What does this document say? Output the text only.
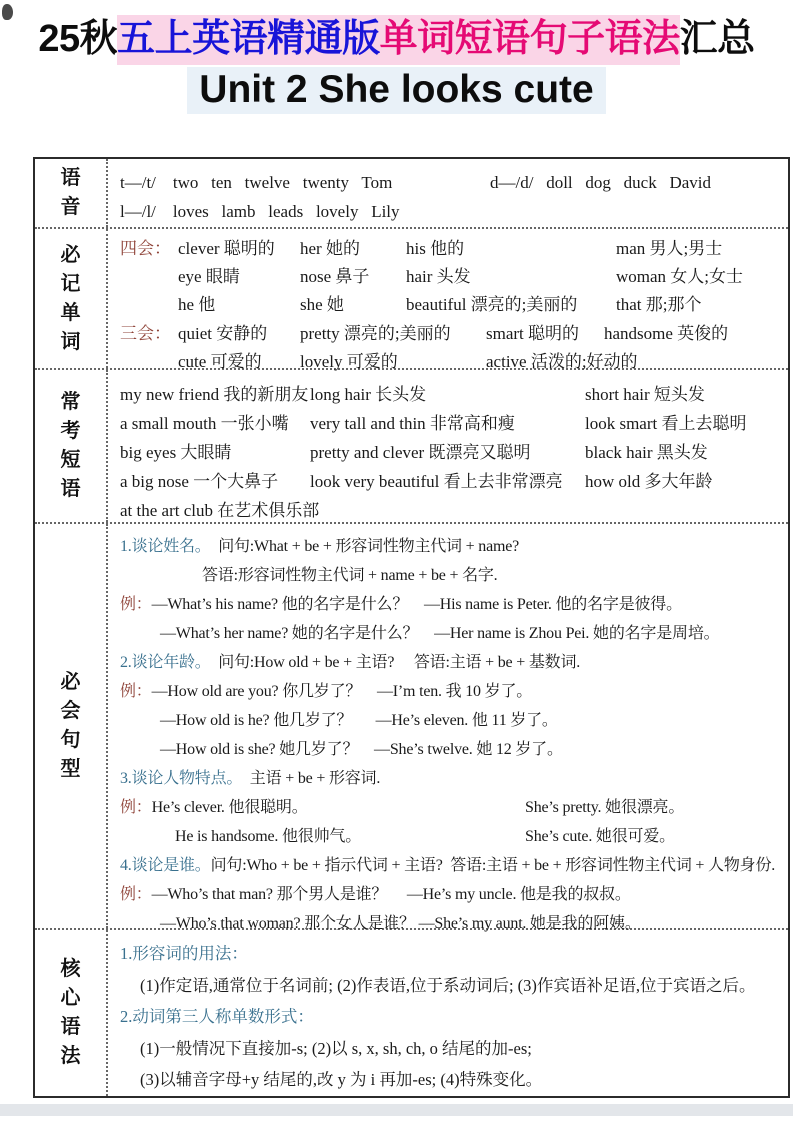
25秋五上英语精通版单词短语句子语法汇总
Unit 2 She looks cute
语
音
t—/t/    two   ten   twelve   twenty   Tom	d—/d/   doll   dog   duck   David
l—/l/    loves   lamb   leads   lovely   Lily
必
记
单
词
四会： clever 聪明的	her 她的	his 他的	man 男人;男士
eye 眼睛	nose 鼻子	hair 头发	woman 女人;女士
he 他	she 她	beautiful 漂亮的;美丽的	that 那;那个
三会： quiet 安静的	pretty 漂亮的;美丽的	smart 聪明的	handsome 英俊的
cute 可爱的	lovely 可爱的	active 活泼的;好动的
常
考
短
语
my new friend 我的新朋友 long hair 长头发	short hair 短头发
a small mouth 一张小嘴	very tall and thin 非常高和瘦	look smart 看上去聪明
big eyes 大眼睛	pretty and clever 既漂亮又聪明	black hair 黑头发
a big nose 一个大鼻子	look very beautiful 看上去非常漂亮	how old 多大年龄
at the art club 在艺术俱乐部
必
会
句
型
1.谈论姓名。  问句:What + be + 形容词性物主代词 + name?
答语:形容词性物主代词 + name + be + 名字.
例：—What’s his name? 他的名字是什么？　—His name is Peter. 他的名字是彼得。
—What’s her name? 她的名字是什么？　—Her name is Zhou Pei. 她的名字是周培。
2.谈论年龄。  问句:How old + be + 主语?　 答语:主语 + be + 基数词.
例：—How old are you? 你几岁了？　—I’m ten. 我 10 岁了。
—How old is he? 他几岁了？　  —He’s eleven. 他 11 岁了。
—How old is she? 她几岁了？　—She’s twelve. 她 12 岁了。
3.谈论人物特点。  主语 + be + 形容词.
例：He’s clever. 他很聪明。	She’s pretty. 她很漂亮。
He is handsome. 他很帅气。	She’s cute. 她很可爱。
4.谈论是谁。问句:Who + be + 指示代词 + 主语?  答语:主语 + be + 形容词性物主代词 + 人物身份.
例：—Who’s that man? 那个男人是谁？　 —He’s my uncle. 他是我的叔叔。
—Who’s that woman? 那个女人是谁？ —She’s my aunt. 她是我的阿姨。
核
心
语
法
1.形容词的用法：
(1)作定语,通常位于名词前; (2)作表语,位于系动词后; (3)作宾语补足语,位于宾语之后。
2.动词第三人称单数形式：
(1)一般情况下直接加-s; (2)以 s, x, sh, ch, o 结尾的加-es;
(3)以辅音字母+y 结尾的,改 y 为 i 再加-es; (4)特殊变化。
